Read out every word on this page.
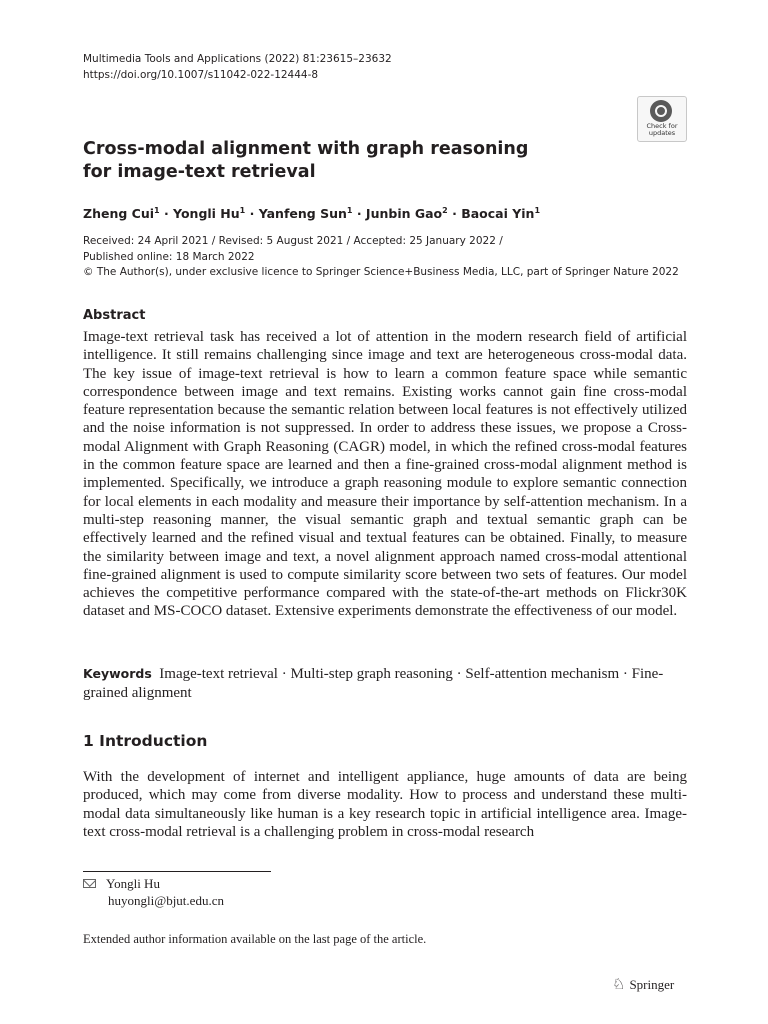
Multimedia Tools and Applications (2022) 81:23615–23632
https://doi.org/10.1007/s11042-022-12444-8
Check for
updates
Cross-modal alignment with graph reasoning
for image-text retrieval
Zheng Cui$^1$ · Yongli $Hu^1$ · Yanfeng Sun$^1$ · Junbin Gao$^2$ · Baocai Yin$^1$
Received: 24 April 2021 / Revised: 5 August 2021 / Accepted: 25 January 2022 /
Published online: 18 March 2022
© The Author(s), under exclusive licence to Springer Science+Business Media, LLC, part of Springer Nature 2022
Abstract

Image-text retrieval task has received a lot of attention in the modern research field of artificial intelligence. It still remains challenging since image and text are heterogeneous cross-modal data. The key issue of image-text retrieval is how to learn a common feature space while semantic correspondence between image and text remains. Existing works cannot gain fine cross-modal feature representation because the semantic relation between local features is not effectively utilized and the noise information is not suppressed. In order to address these issues, we propose a Cross-modal Alignment with Graph Reasoning (CAGR) model, in which the refined cross-modal features in the common feature space are learned and then a fine-grained cross-modal alignment method is implemented. Specifically, we introduce a graph reasoning module to explore semantic connection for local elements in each modality and measure their importance by self-attention mechanism. In a multi-step reasoning manner, the visual semantic graph and textual semantic graph can be effectively learned and the refined visual and textual features can be obtained. Finally, to measure the similarity between image and text, a novel alignment approach named cross-modal attentional fine-grained alignment is used to compute similarity score between two sets of features. Our model achieves the competitive performance compared with the state-of-the-art methods on Flickr30K dataset and MS-COCO dataset. Extensive experiments demonstrate the effectiveness of our model.

Keywords Image-text retrieval · Multi-step graph reasoning · Self-attention mechanism · Fine-grained alignment

1 Introduction

With the development of internet and intelligent appliance, huge amounts of data are being produced, which may come from diverse modality. How to process and understand these multi-modal data simultaneously like human is a key research topic in artificial intelligence area. Image-text cross-modal retrieval is a challenging problem in cross-modal research

Yongli Hu
huyongli@bjut.edu.cn
Extended author information available on the last page of the article.
♘ Springer
